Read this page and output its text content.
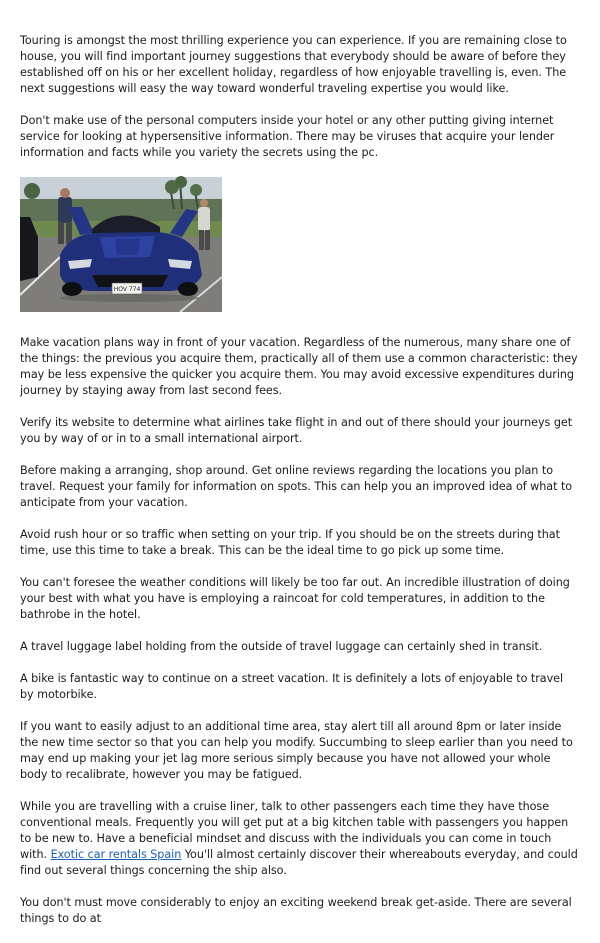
Touring is amongst the most thrilling experience you can experience. If you are remaining close to house, you will find important journey suggestions that everybody should be aware of before they established off on his or her excellent holiday, regardless of how enjoyable travelling is, even. The next suggestions will easy the way toward wonderful traveling expertise you would like.

Don't make use of the personal computers inside your hotel or any other putting giving internet service for looking at hypersensitive information. There may be viruses that acquire your lender information and facts while you variety the secrets using the pc.

HOV 774

Make vacation plans way in front of your vacation. Regardless of the numerous, many share one of the things: the previous you acquire them, practically all of them use a common characteristic: they may be less expensive the quicker you acquire them. You may avoid excessive expenditures during journey by staying away from last second fees.

Verify its website to determine what airlines take flight in and out of there should your journeys get you by way of or in to a small international airport.

Before making a arranging, shop around. Get online reviews regarding the locations you plan to travel. Request your family for information on spots. This can help you an improved idea of what to anticipate from your vacation.

Avoid rush hour or so traffic when setting on your trip. If you should be on the streets during that time, use this time to take a break. This can be the ideal time to go pick up some time.

You can't foresee the weather conditions will likely be too far out. An incredible illustration of doing your best with what you have is employing a raincoat for cold temperatures, in addition to the bathrobe in the hotel.

A travel luggage label holding from the outside of travel luggage can certainly shed in transit.

A bike is fantastic way to continue on a street vacation. It is definitely a lots of enjoyable to travel by motorbike.

If you want to easily adjust to an additional time area, stay alert till all around 8pm or later inside the new time sector so that you can help you modify. Succumbing to sleep earlier than you need to may end up making your jet lag more serious simply because you have not allowed your whole body to recalibrate, however you may be fatigued.

While you are travelling with a cruise liner, talk to other passengers each time they have those conventional meals. Frequently you will get put at a big kitchen table with passengers you happen to be new to. Have a beneficial mindset and discuss with the individuals you can come in touch with. Exotic car rentals Spain You'll almost certainly discover their whereabouts everyday, and could find out several things concerning the ship also.

You don't must move considerably to enjoy an exciting weekend break get-aside. There are several things to do at
